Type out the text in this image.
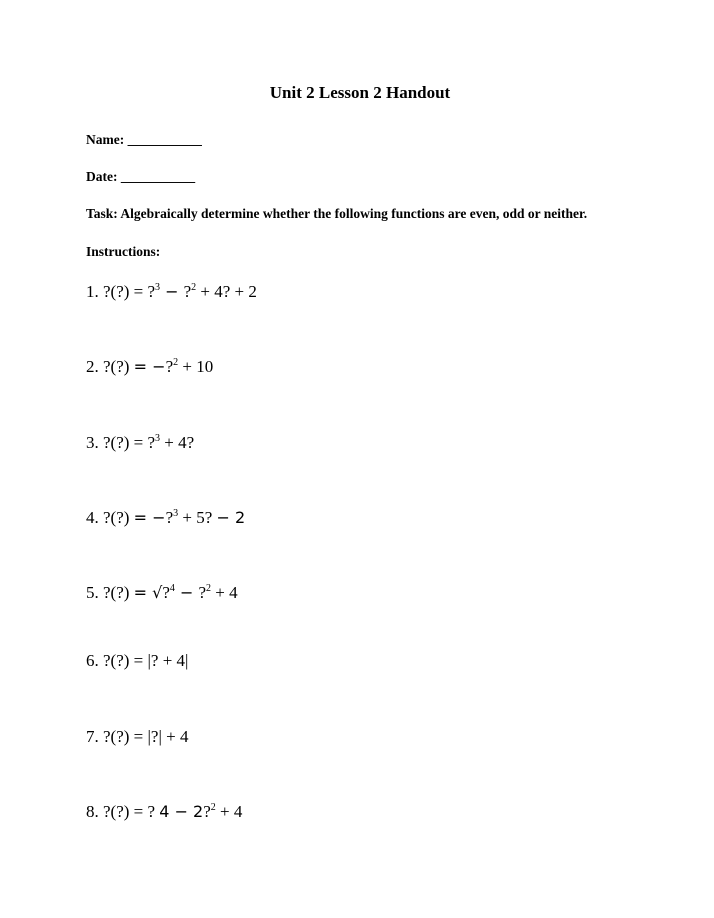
Unit 2 Lesson 2 Handout
Name: ___________
Date: ___________
Task: Algebraically determine whether the following functions are even, odd or neither.
Instructions:
1. ?(?) = ?$^3$ − ?$^2$ + 4? + 2
2. ?(?) = −?$^2$ + 10
3. ?(?) = ?$^3$ + 4?
4. ?(?) = −?$^3$ + 5? − 2
5. ?(?) = √?$^4$ − ?$^2$ + 4
6. ?(?) = |? + 4|
7. ?(?) = |?| + 4
8. ?(?) = ? 4 − 2?$^2$ + 4
